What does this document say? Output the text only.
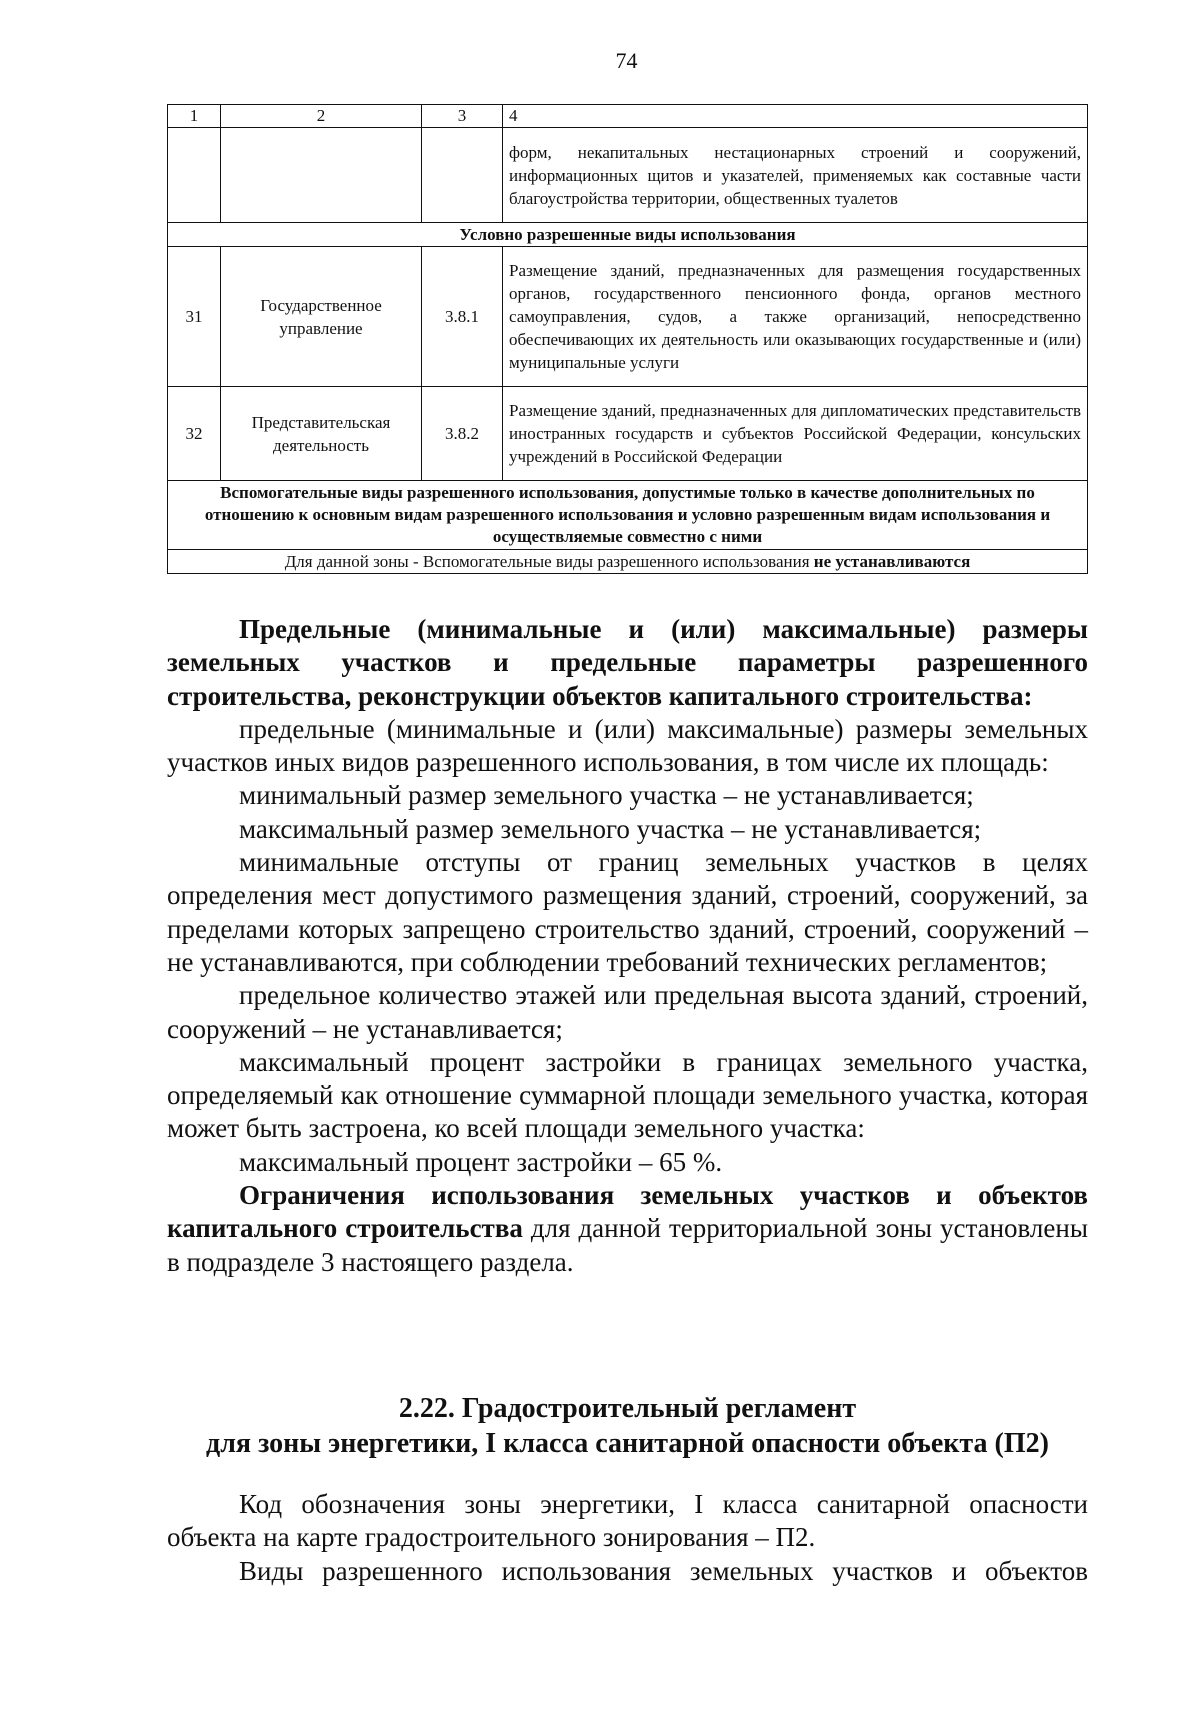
74
1	2	3	4
			форм, некапитальных нестационарных строений и сооружений, информационных щитов и указателей, применяемых как составные части благоустройства территории, общественных туалетов
Условно разрешенные виды использования			
31	Государственное управление	3.8.1	Размещение зданий, предназначенных для размещения государственных органов, государственного пенсионного фонда, органов местного самоуправления, судов, а также организаций, непосредственно обеспечивающих их деятельность или оказывающих государственные и (или) муниципальные услуги
32	Представительская деятельность	3.8.2	Размещение зданий, предназначенных для дипломатических представительств иностранных государств и субъектов Российской Федерации, консульских учреждений в Российской Федерации
Вспомогательные виды разрешенного использования, допустимые только в качестве дополнительных по отношению к основным видам разрешенного использования и условно разрешенным видам использования и осуществляемые совместно с ними			
Для данной зоны - Вспомогательные виды разрешенного использования не устанавливаются			

Предельные (минимальные и (или) максимальные) размеры земельных участков и предельные параметры разрешенного строительства, реконструкции объектов капитального строительства:

предельные (минимальные и (или) максимальные) размеры земельных участков иных видов разрешенного использования, в том числе их площадь:

минимальный размер земельного участка – не устанавливается;

максимальный размер земельного участка – не устанавливается;

минимальные отступы от границ земельных участков в целях определения мест допустимого размещения зданий, строений, сооружений, за пределами которых запрещено строительство зданий, строений, сооружений – не устанавливаются, при соблюдении требований технических регламентов;

предельное количество этажей или предельная высота зданий, строений, сооружений – не устанавливается;

максимальный процент застройки в границах земельного участка, определяемый как отношение суммарной площади земельного участка, которая может быть застроена, ко всей площади земельного участка:

максимальный процент застройки – 65 %.

Ограничения использования земельных участков и объектов капитального строительства для данной территориальной зоны установлены в подразделе 3 настоящего раздела.

2.22. Градостроительный регламент
для зоны энергетики, I класса санитарной опасности объекта (П2)

Код обозначения зоны энергетики, I класса санитарной опасности объекта на карте градостроительного зонирования – П2.

Виды разрешенного использования земельных участков и объектов
